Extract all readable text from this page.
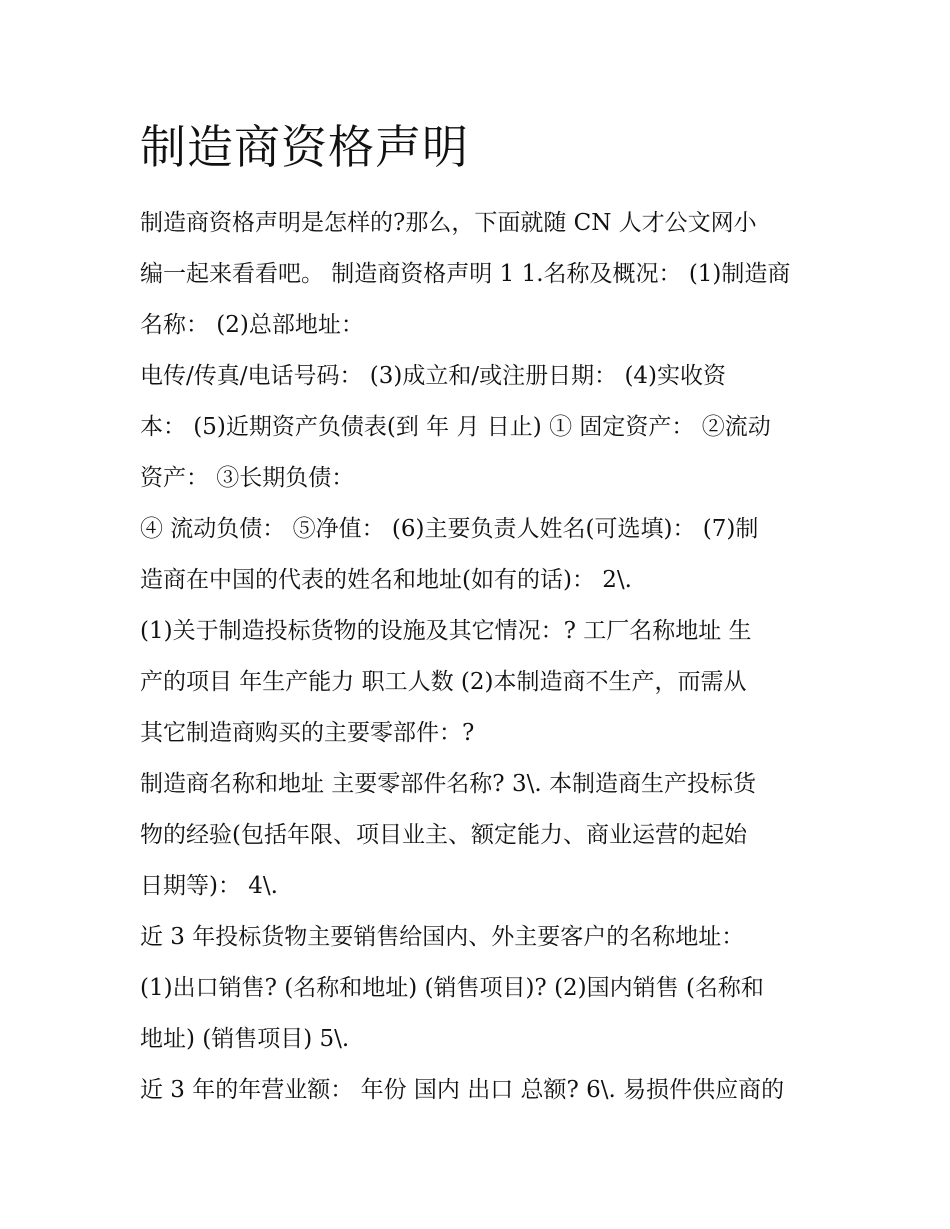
制造商资格声明

制造商资格声明是怎样的?那么，下面就随 CN 人才公文网小

编一起来看看吧。 制造商资格声明 1 1.名称及概况： (1)制造商

名称： (2)总部地址：

电传/传真/电话号码： (3)成立和/或注册日期： (4)实收资

本： (5)近期资产负债表(到 年 月 日止) ① 固定资产： ②流动

资产： ③长期负债：

④ 流动负债： ⑤净值： (6)主要负责人姓名(可选填)： (7)制

造商在中国的代表的姓名和地址(如有的话)： 2\.

(1)关于制造投标货物的设施及其它情况：? 工厂名称地址 生

产的项目 年生产能力 职工人数 (2)本制造商不生产，而需从

其它制造商购买的主要零部件：?

制造商名称和地址 主要零部件名称? 3\. 本制造商生产投标货

物的经验(包括年限、项目业主、额定能力、商业运营的起始

日期等)： 4\.

近 3 年投标货物主要销售给国内、外主要客户的名称地址：

(1)出口销售? (名称和地址) (销售项目)? (2)国内销售 (名称和

地址) (销售项目) 5\.

近 3 年的年营业额： 年份 国内 出口 总额? 6\. 易损件供应商的
